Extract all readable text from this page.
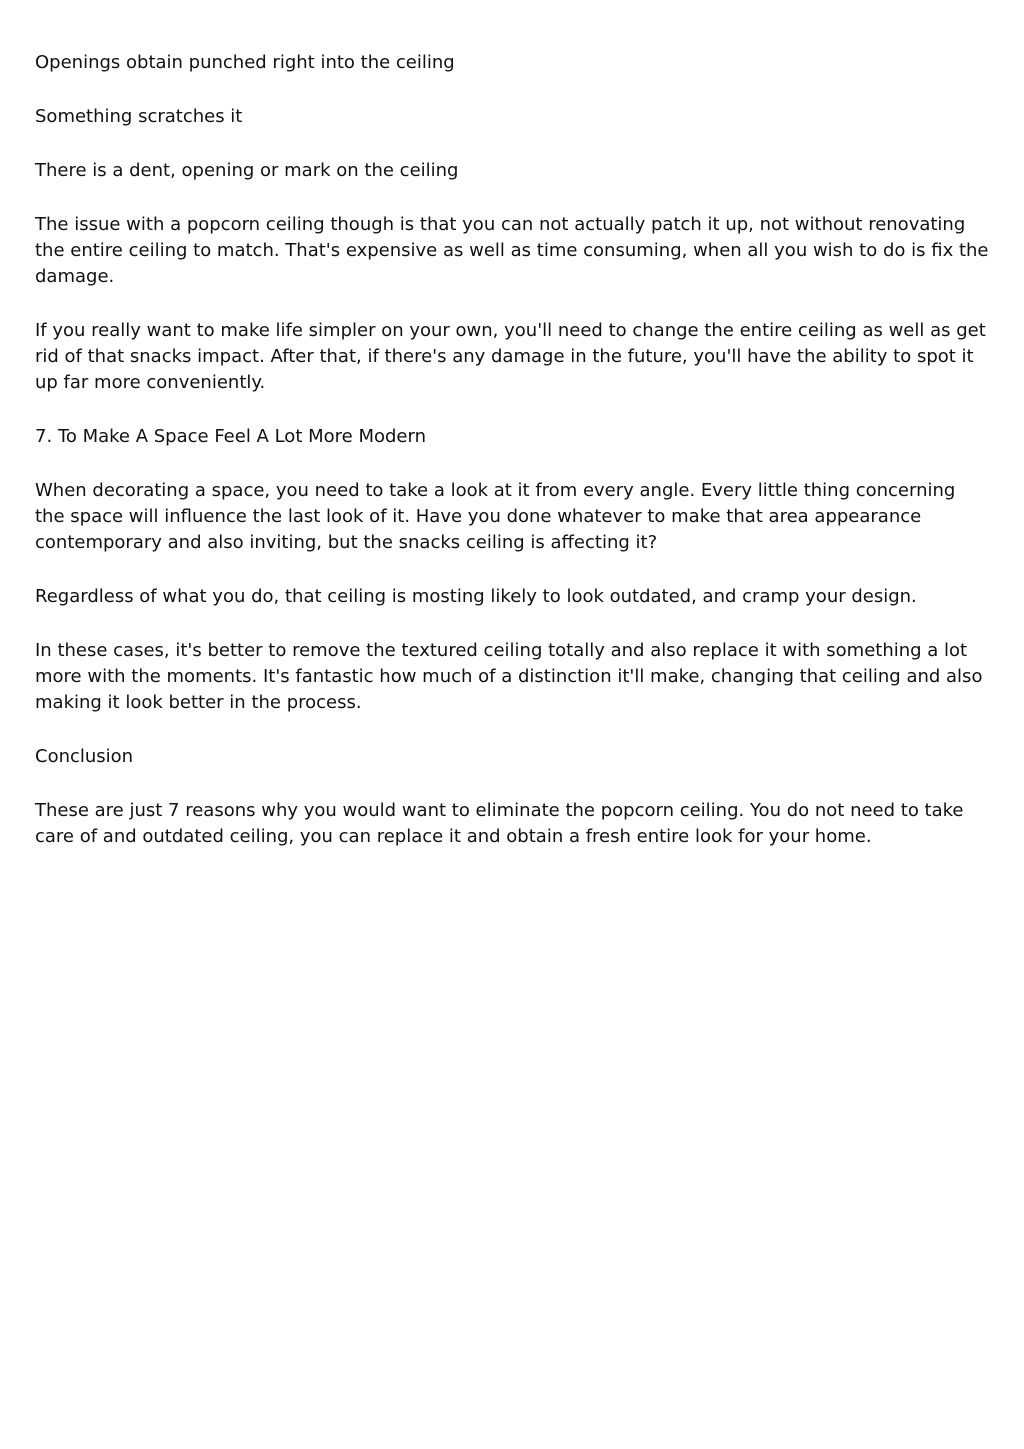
Openings obtain punched right into the ceiling

Something scratches it

There is a dent, opening or mark on the ceiling

The issue with a popcorn ceiling though is that you can not actually patch it up, not without renovating the entire ceiling to match. That's expensive as well as time consuming, when all you wish to do is fix the damage.

If you really want to make life simpler on your own, you'll need to change the entire ceiling as well as get rid of that snacks impact. After that, if there's any damage in the future, you'll have the ability to spot it up far more conveniently.

7. To Make A Space Feel A Lot More Modern

When decorating a space, you need to take a look at it from every angle. Every little thing concerning the space will influence the last look of it. Have you done whatever to make that area appearance contemporary and also inviting, but the snacks ceiling is affecting it?

Regardless of what you do, that ceiling is mosting likely to look outdated, and cramp your design.

In these cases, it's better to remove the textured ceiling totally and also replace it with something a lot more with the moments. It's fantastic how much of a distinction it'll make, changing that ceiling and also making it look better in the process.

Conclusion

These are just 7 reasons why you would want to eliminate the popcorn ceiling. You do not need to take care of and outdated ceiling, you can replace it and obtain a fresh entire look for your home.
